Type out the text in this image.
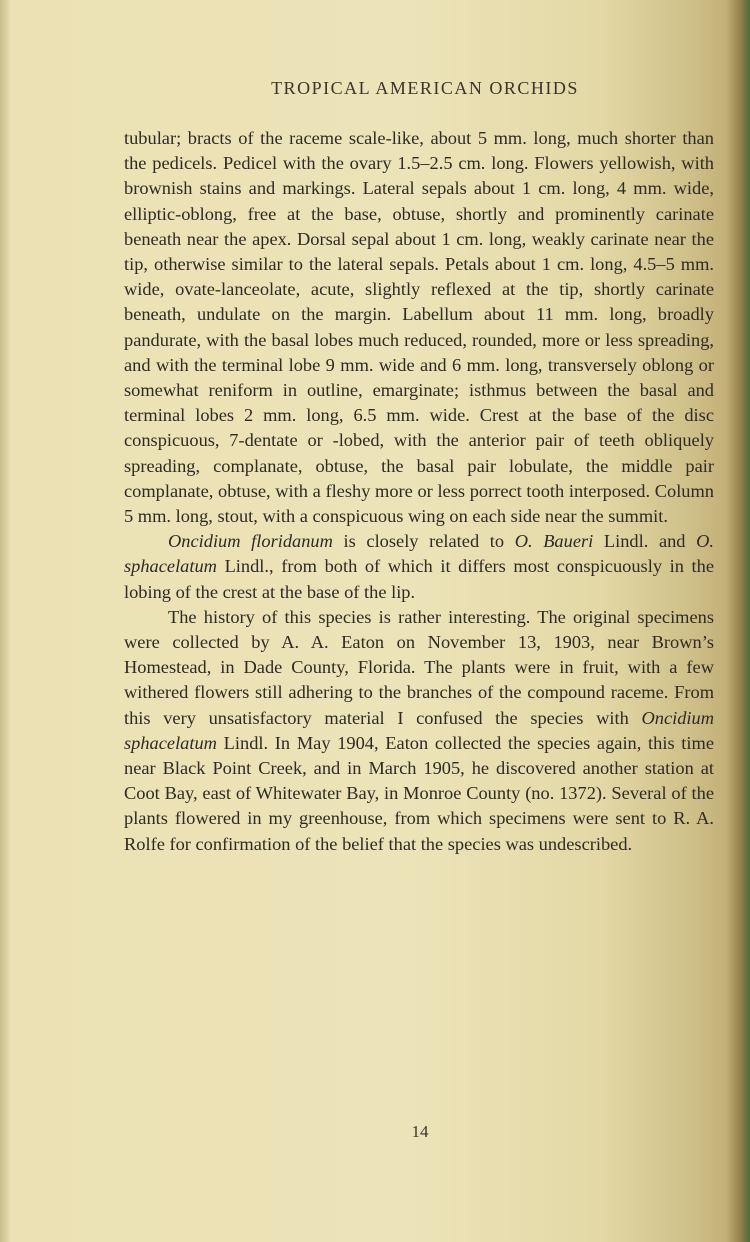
TROPICAL AMERICAN ORCHIDS

tubular; bracts of the raceme scale-like, about 5 mm. long, much shorter than the pedicels. Pedicel with the ovary 1.5–2.5 cm. long. Flowers yellowish, with brownish stains and markings. Lateral sepals about 1 cm. long, 4 mm. wide, elliptic-oblong, free at the base, obtuse, shortly and prominently carinate beneath near the apex. Dorsal sepal about 1 cm. long, weakly carinate near the tip, otherwise similar to the lateral sepals. Petals about 1 cm. long, 4.5–5 mm. wide, ovate-lanceolate, acute, slightly reflexed at the tip, shortly carinate beneath, undulate on the margin. Labellum about 11 mm. long, broadly pandurate, with the basal lobes much reduced, rounded, more or less spreading, and with the terminal lobe 9 mm. wide and 6 mm. long, transversely oblong or somewhat reniform in outline, emarginate; isthmus between the basal and terminal lobes 2 mm. long, 6.5 mm. wide. Crest at the base of the disc conspicuous, 7-dentate or -lobed, with the anterior pair of teeth obliquely spreading, complanate, obtuse, the basal pair lobulate, the middle pair complanate, obtuse, with a fleshy more or less porrect tooth interposed. Column 5 mm. long, stout, with a conspicuous wing on each side near the summit.

Oncidium floridanum is closely related to O. Baueri Lindl. and O. sphacelatum Lindl., from both of which it differs most conspicuously in the lobing of the crest at the base of the lip.

The history of this species is rather interesting. The original specimens were collected by A. A. Eaton on November 13, 1903, near Brown’s Homestead, in Dade County, Florida. The plants were in fruit, with a few withered flowers still adhering to the branches of the compound raceme. From this very unsatisfactory material I confused the species with Oncidium sphacelatum Lindl. In May 1904, Eaton collected the species again, this time near Black Point Creek, and in March 1905, he discovered another station at Coot Bay, east of Whitewater Bay, in Monroe County (no. 1372). Several of the plants flowered in my greenhouse, from which specimens were sent to R. A. Rolfe for confirmation of the belief that the species was undescribed.

14
